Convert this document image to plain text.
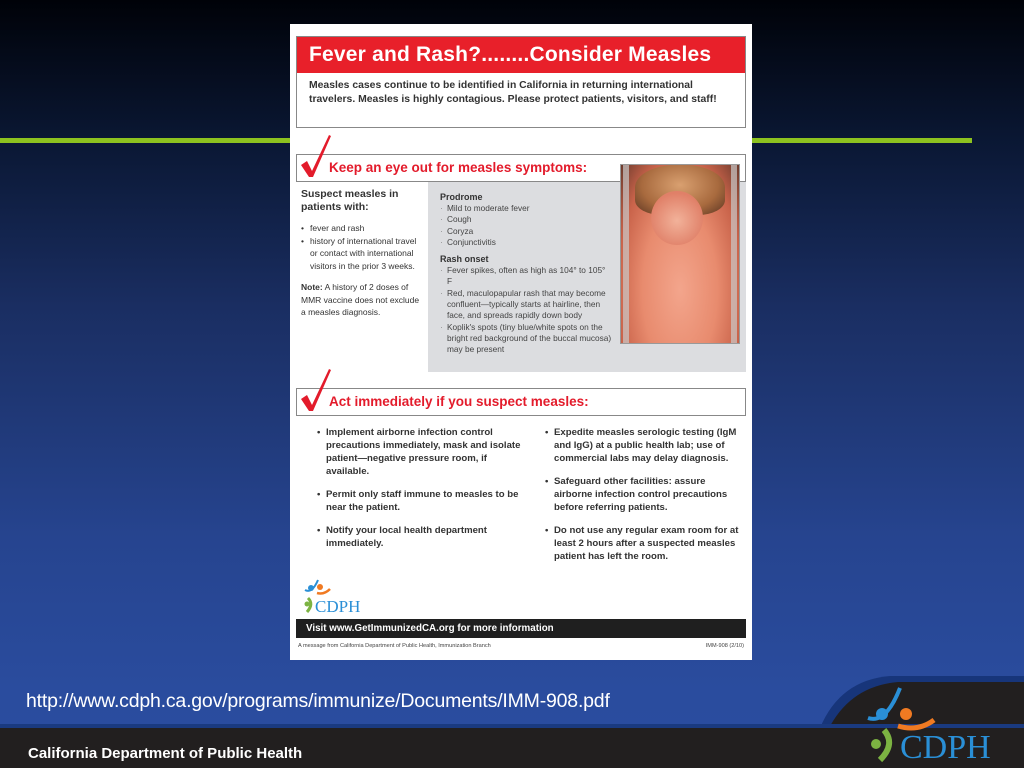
Fever and Rash?........Consider Measles
Measles cases continue to be identified in California in returning international travelers. Measles is highly contagious. Please protect patients, visitors, and staff!
Keep an eye out for measles symptoms:
Suspect measles in patients with:
• fever and rash
• history of international travel or contact with international visitors in the prior 3 weeks.
Note: A history of 2 doses of MMR vaccine does not exclude a measles diagnosis.
Prodrome
· Mild to moderate fever
· Cough
· Coryza
· Conjunctivitis
Rash onset
· Fever spikes, often as high as 104° to 105° F
· Red, maculopapular rash that may become confluent—typically starts at hairline, then face, and spreads rapidly down body
· Koplik's spots (tiny blue/white spots on the bright red background of the buccal mucosa) may be present
Act immediately if you suspect measles:
• Implement airborne infection control precautions immediately, mask and isolate patient—negative pressure room, if available.
• Permit only staff immune to measles to be near the patient.
• Notify your local health department immediately.
• Expedite measles serologic testing (IgM and IgG) at a public health lab; use of commercial labs may delay diagnosis.
• Safeguard other facilities: assure airborne infection control precautions before referring patients.
• Do not use any regular exam room for at least 2 hours after a suspected measles patient has left the room.
CDPH
Visit www.GetImmunizedCA.org for more information
A message from California Department of Public Health, Immunization Branch	IMM-908 (2/10)
http://www.cdph.ca.gov/programs/immunize/Documents/IMM-908.pdf
California Department of Public Health	CDPH
